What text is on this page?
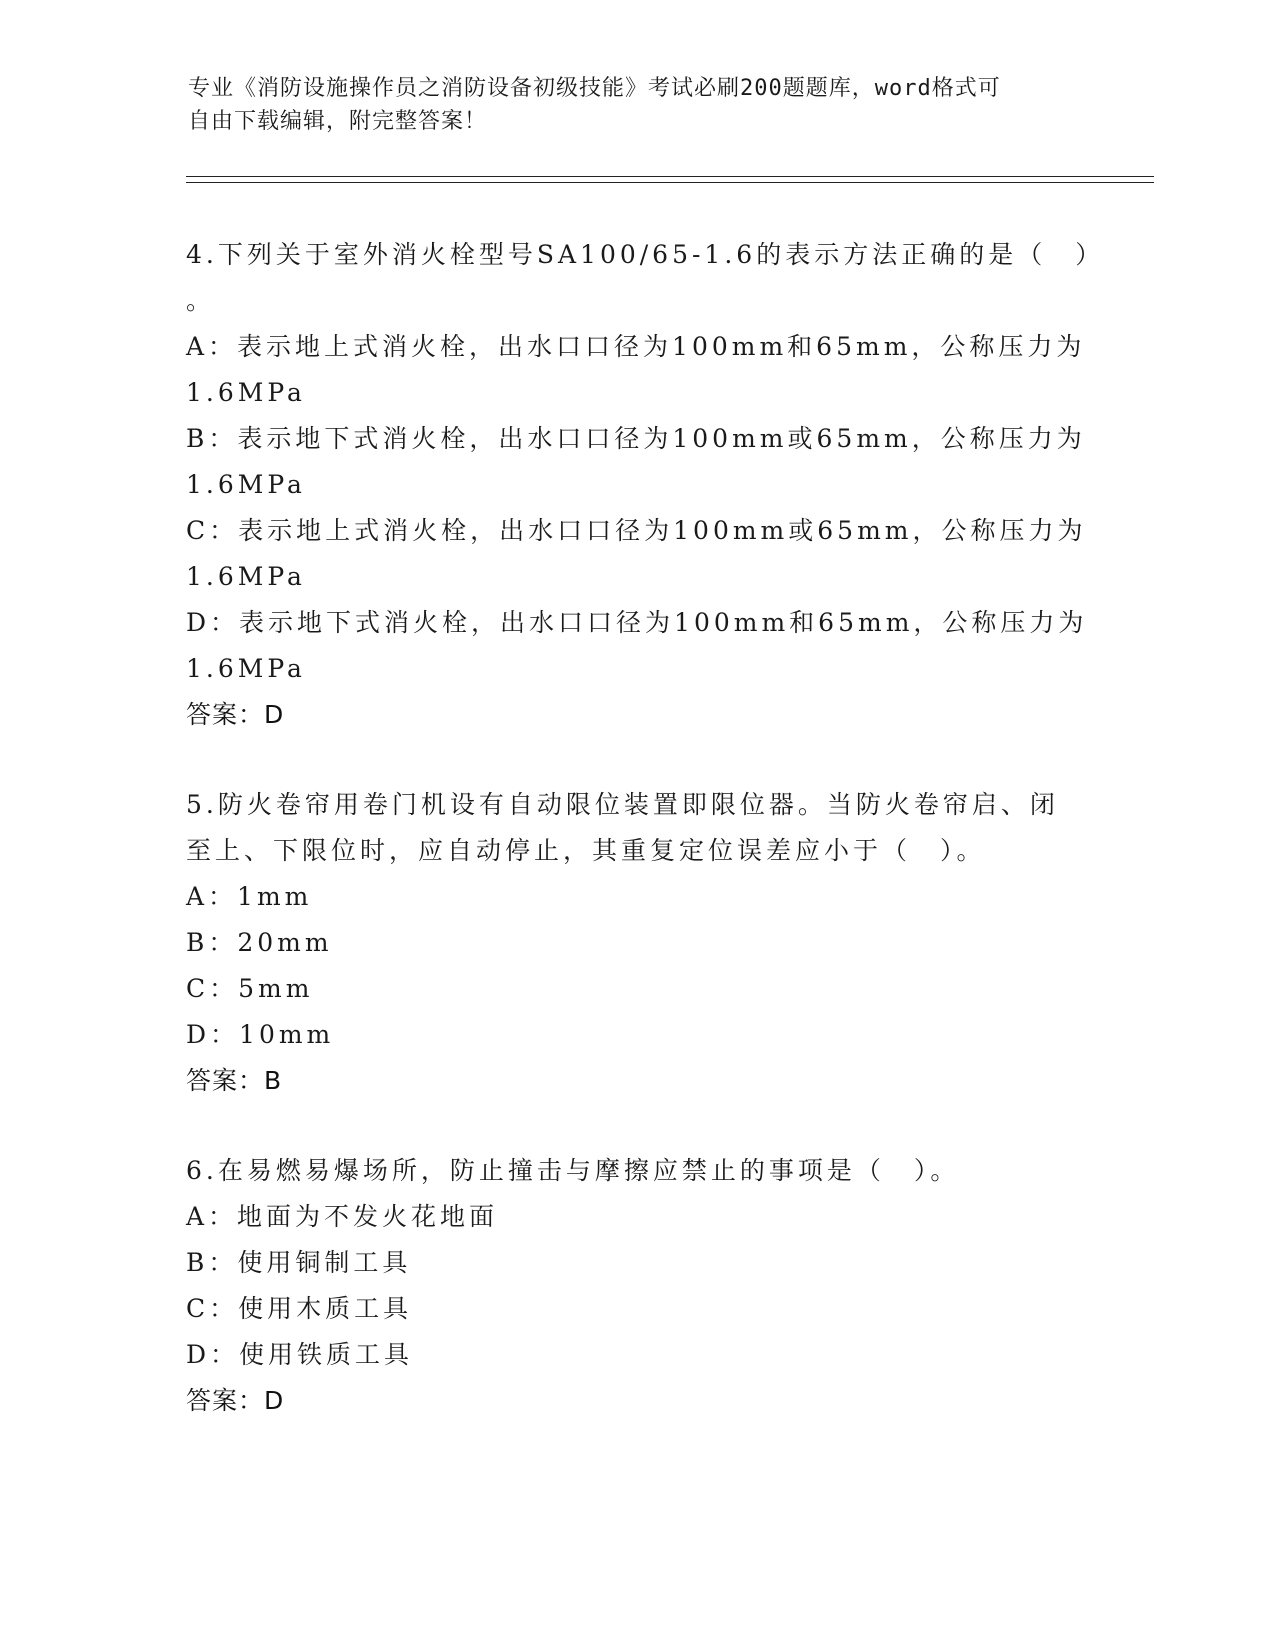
专业《消防设施操作员之消防设备初级技能》考试必刷200题题库，word格式可
自由下载编辑，附完整答案！
4.下列关于室外消火栓型号SA100/65-1.6的表示方法正确的是（　）
。
A：表示地上式消火栓，出水口口径为100mm和65mm，公称压力为
1.6MPa
B：表示地下式消火栓，出水口口径为100mm或65mm，公称压力为
1.6MPa
C：表示地上式消火栓，出水口口径为100mm或65mm，公称压力为
1.6MPa
D：表示地下式消火栓，出水口口径为100mm和65mm，公称压力为
1.6MPa
答案：D
5.防火卷帘用卷门机设有自动限位装置即限位器。当防火卷帘启、闭
至上、下限位时，应自动停止，其重复定位误差应小于（　）。
A：1mm
B：20mm
C：5mm
D：10mm
答案：B
6.在易燃易爆场所，防止撞击与摩擦应禁止的事项是（　）。
A：地面为不发火花地面
B：使用铜制工具
C：使用木质工具
D：使用铁质工具
答案：D
